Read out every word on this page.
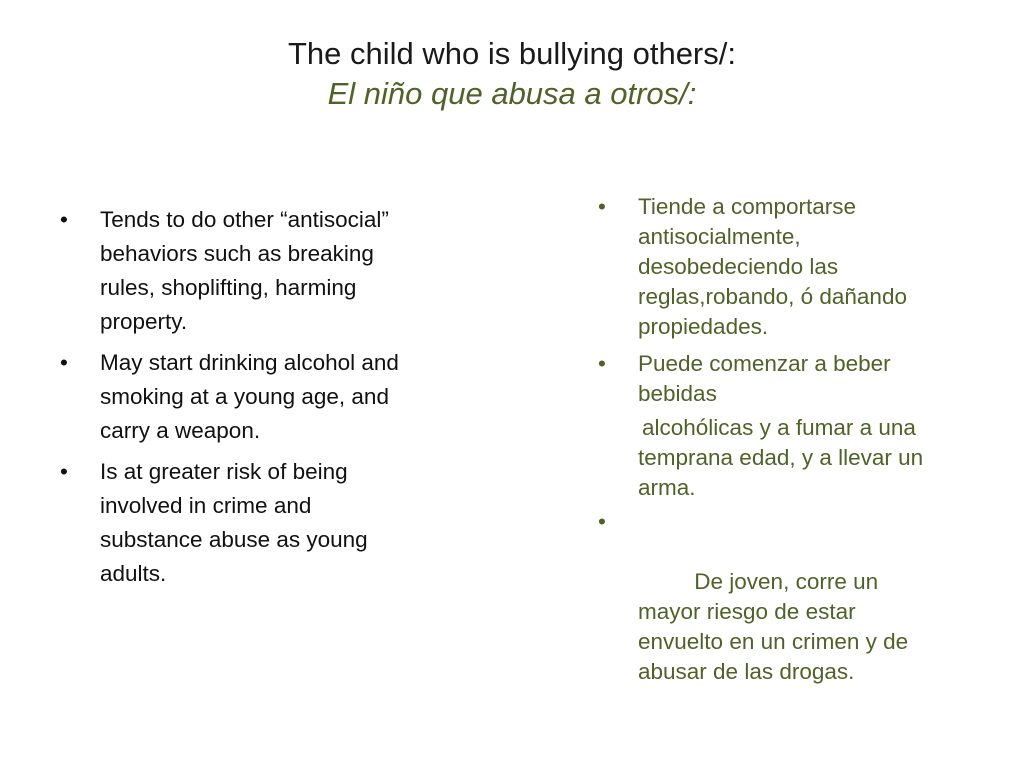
The child who is bullying others/:

El niño que abusa a otros/:

•	Tends to do other “antisocial” behaviors such as breaking rules, shoplifting, harming property.
•	May start drinking alcohol and smoking at a young age, and carry a weapon.
•	Is at greater risk of being involved in crime and substance abuse as young adults.
•	Tiende a comportarse antisocialmente, desobedeciendo las reglas,robando, ó dañando propiedades.
•	Puede comenzar a beber bebidas

alcohólicas y a fumar a una temprana edad, y a llevar un arma.

•

De joven, corre un mayor riesgo de estar envuelto en un crimen y de abusar de las drogas.
